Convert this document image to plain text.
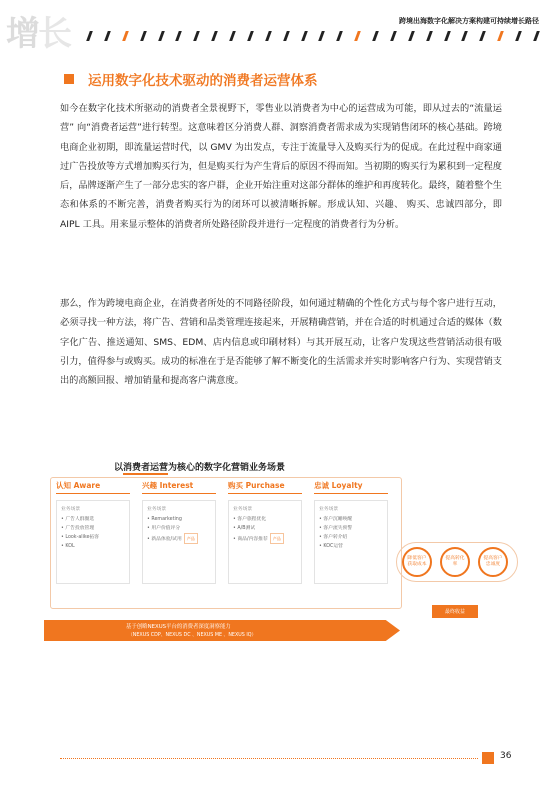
增长	跨境出海数字化解决方案构建可持续增长路径
运用数字化技术驱动的消费者运营体系

如今在数字化技术所驱动的消费者全景视野下，零售业以消费者为中心的运营成为可能，即从过去的“流量运营” 向“消费者运营”进行转型。这意味着区分消费人群、洞察消费者需求成为实现销售闭环的核心基础。跨境电商企业初期，即流量运营时代，以 GMV 为出发点，专注于流量导入及购买行为的促成。在此过程中商家通过广告投放等方式增加购买行为，但是购买行为产生背后的原因不得而知。当初期的购买行为累积到一定程度后，品牌逐渐产生了一部分忠实的客户群，企业开始注重对这部分群体的维护和再度转化。最终，随着整个生态和体系的不断完善，消费者购买行为的闭环可以被清晰拆解。形成认知、兴趣、 购买、忠诚四部分，即 AIPL 工具。用来显示整体的消费者所处路径阶段并进行一定程度的消费者行为分析。

那么，作为跨境电商企业，在消费者所处的不同路径阶段，如何通过精确的个性化方式与每个客户进行互动，必须寻找一种方法，将广告、营销和品类管理连接起来，开展精确营销，并在合适的时机通过合适的媒体（数字化广告、推送通知、SMS、EDM、店内信息或印刷材料）与其开展互动，让客户发现这些营销活动很有吸引力，值得参与或购买。成功的标准在于是否能够了解不断变化的生活需求并实时影响客户行为、实现营销支出的高额回报、增加销量和提高客户满意度。

以消费者运营为核心的数字化营销业务场景
认知 Aware
业务场景
• 广告人群圈选
• 广告投放管理
• Look-alike拓客
• KOL
兴趣 Interest
业务场景
• Remarketing
• 用户价值评分
• 新品体验/试用 产品
购买 Purchase
业务场景
• 客户旅程优化
• A/B测试
• 商品/内容推荐 产品
忠诚 Loyalty
业务场景
• 客户沉睡唤醒
• 客户流失预警
• 客户转介绍
• KOC运营
基于创略NEXUS平台的消费者深度洞察能力
（NEXUS CDP、NEXUS DC 、NEXUS ME 、NEXUS IQ）
降低客户获取成本
提高转化率
提高客户忠诚度
最终收益
36
